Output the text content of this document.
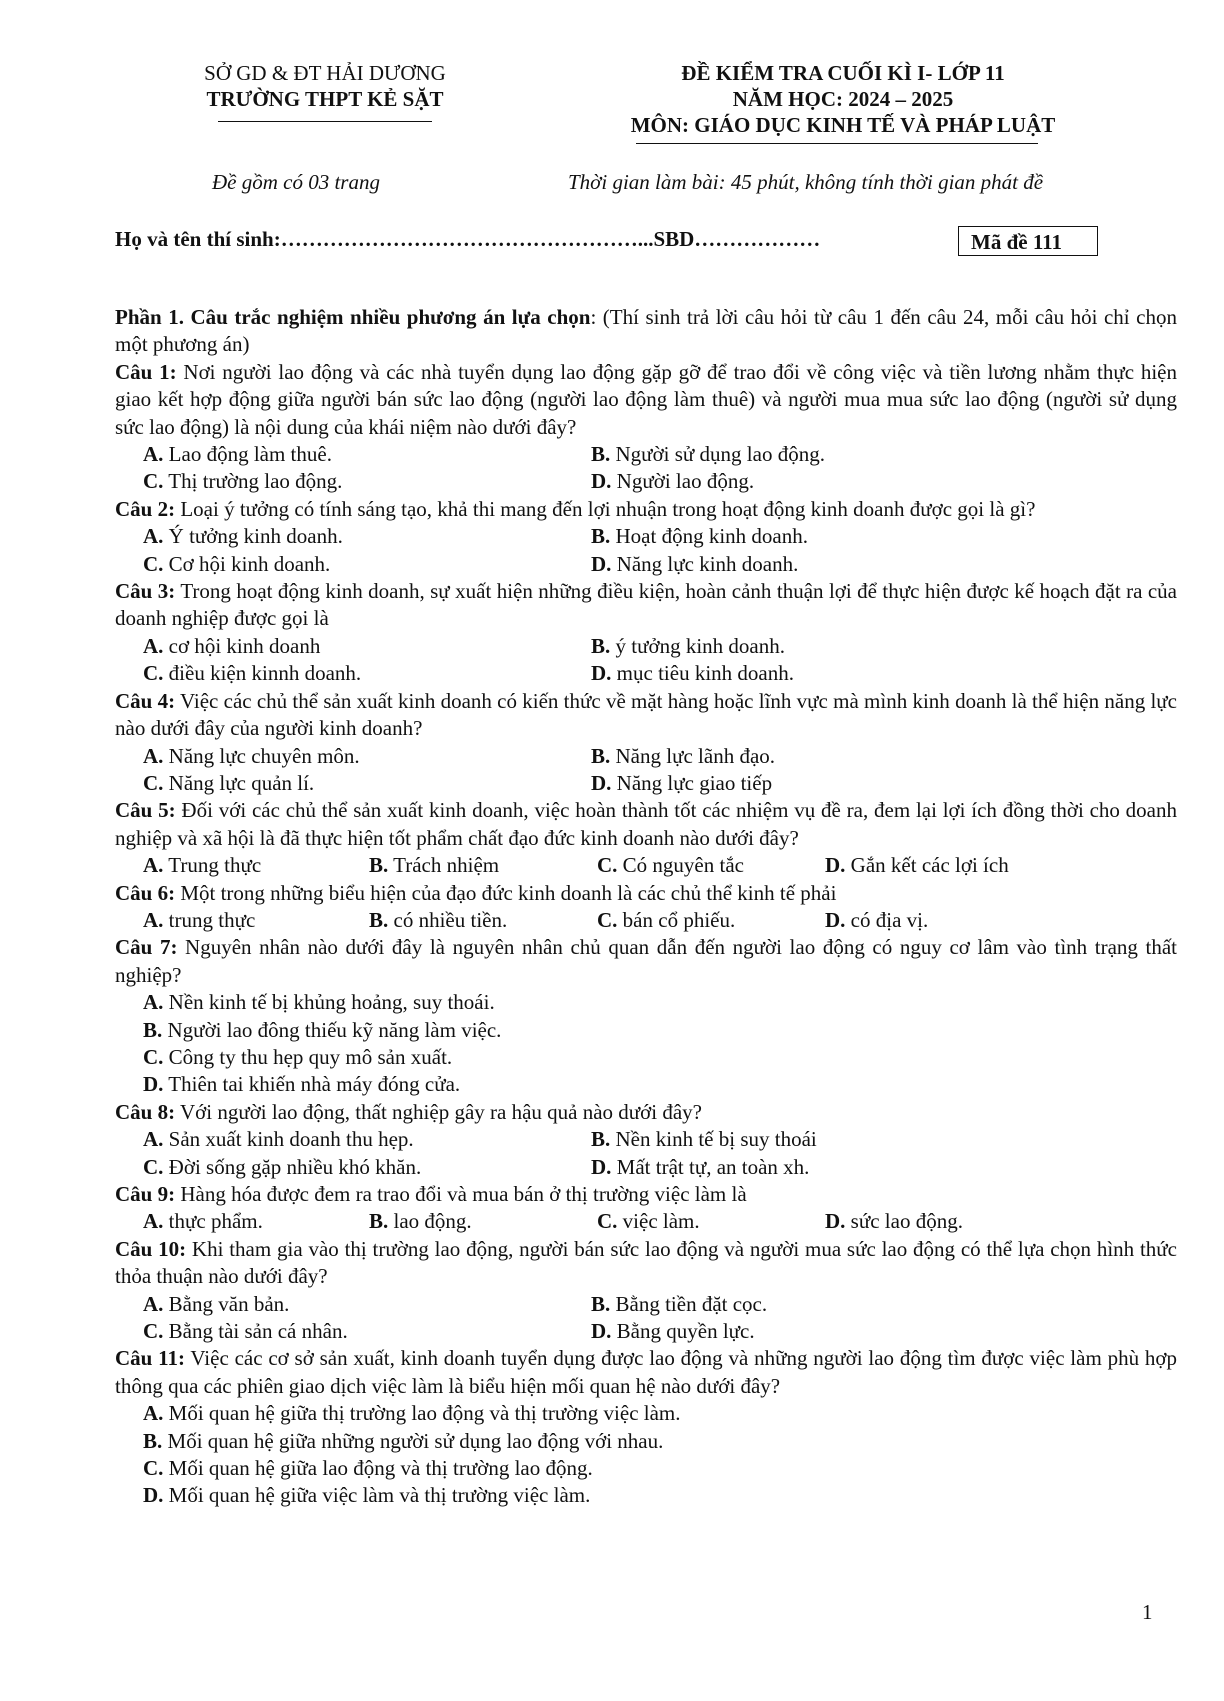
SỞ GD & ĐT HẢI DƯƠNG
TRƯỜNG THPT KẺ SẶT
ĐỀ KIỂM TRA CUỐI KÌ I- LỚP 11
NĂM HỌC: 2024 – 2025
MÔN: GIÁO DỤC KINH TẾ VÀ PHÁP LUẬT
Đề gồm có 03 trang	Thời gian làm bài: 45 phút, không tính thời gian phát đề
Họ và tên thí sinh:……………………………………………...SBD………………	Mã đề 111

Phần 1. Câu trắc nghiệm nhiều phương án lựa chọn: (Thí sinh trả lời câu hỏi từ câu 1 đến câu 24, mỗi câu hỏi chỉ chọn một phương án)

Câu 1: Nơi người lao động và các nhà tuyển dụng lao động gặp gỡ để trao đổi về công việc và tiền lương nhằm thực hiện giao kết hợp động giữa người bán sức lao động (người lao động làm thuê) và người mua mua sức lao động (người sử dụng sức lao động) là nội dung của khái niệm nào dưới đây?

A. Lao động làm thuê.	B. Người sử dụng lao động.
C. Thị trường lao động.	D. Người lao động.

Câu 2: Loại ý tưởng có tính sáng tạo, khả thi mang đến lợi nhuận trong hoạt động kinh doanh được gọi là gì?

A. Ý tưởng kinh doanh.	B. Hoạt động kinh doanh.
C. Cơ hội kinh doanh.	D. Năng lực kinh doanh.

Câu 3: Trong hoạt động kinh doanh, sự xuất hiện những điều kiện, hoàn cảnh thuận lợi để thực hiện được kế hoạch đặt ra của doanh nghiệp được gọi là

A. cơ hội kinh doanh	B. ý tưởng kinh doanh.
C. điều kiện kinnh doanh.	D. mục tiêu kinh doanh.

Câu 4: Việc các chủ thể sản xuất kinh doanh có kiến thức về mặt hàng hoặc lĩnh vực mà mình kinh doanh là thể hiện năng lực nào dưới đây của người kinh doanh?

A. Năng lực chuyên môn.	B. Năng lực lãnh đạo.
C. Năng lực quản lí.	D. Năng lực giao tiếp

Câu 5: Đối với các chủ thể sản xuất kinh doanh, việc hoàn thành tốt các nhiệm vụ đề ra, đem lại lợi ích đồng thời cho doanh nghiệp và xã hội là đã thực hiện tốt phẩm chất đạo đức kinh doanh nào dưới đây?

A. Trung thực	B. Trách nhiệm	C. Có nguyên tắc	D. Gắn kết các lợi ích

Câu 6: Một trong những biểu hiện của đạo đức kinh doanh là các chủ thể kinh tế phải

A. trung thực	B. có nhiều tiền.	C. bán cổ phiếu.	D. có địa vị.

Câu 7: Nguyên nhân nào dưới đây là nguyên nhân chủ quan dẫn đến người lao động có nguy cơ lâm vào tình trạng thất nghiệp?

A. Nền kinh tế bị khủng hoảng, suy thoái.
B. Người lao đông thiếu kỹ năng làm việc.
C. Công ty thu hẹp quy mô sản xuất.
D. Thiên tai khiến nhà máy đóng cửa.

Câu 8: Với người lao động, thất nghiệp gây ra hậu quả nào dưới đây?

A. Sản xuất kinh doanh thu hẹp.	B. Nền kinh tế bị suy thoái
C. Đời sống gặp nhiều khó khăn.	D. Mất trật tự, an toàn xh.

Câu 9: Hàng hóa được đem ra trao đổi và mua bán ở thị trường việc làm là

A. thực phẩm.	B. lao động.	C. việc làm.	D. sức lao động.

Câu 10: Khi tham gia vào thị trường lao động, người bán sức lao động và người mua sức lao động có thể lựa chọn hình thức thỏa thuận nào dưới đây?

A. Bằng văn bản.	B. Bằng tiền đặt cọc.
C. Bằng tài sản cá nhân.	D. Bằng quyền lực.

Câu 11: Việc các cơ sở sản xuất, kinh doanh tuyển dụng được lao động và những người lao động tìm được việc làm phù hợp thông qua các phiên giao dịch việc làm là biểu hiện mối quan hệ nào dưới đây?

A. Mối quan hệ giữa thị trường lao động và thị trường việc làm.
B. Mối quan hệ giữa những người sử dụng lao động với nhau.
C. Mối quan hệ giữa lao động và thị trường lao động.
D. Mối quan hệ giữa việc làm và thị trường việc làm.
1
